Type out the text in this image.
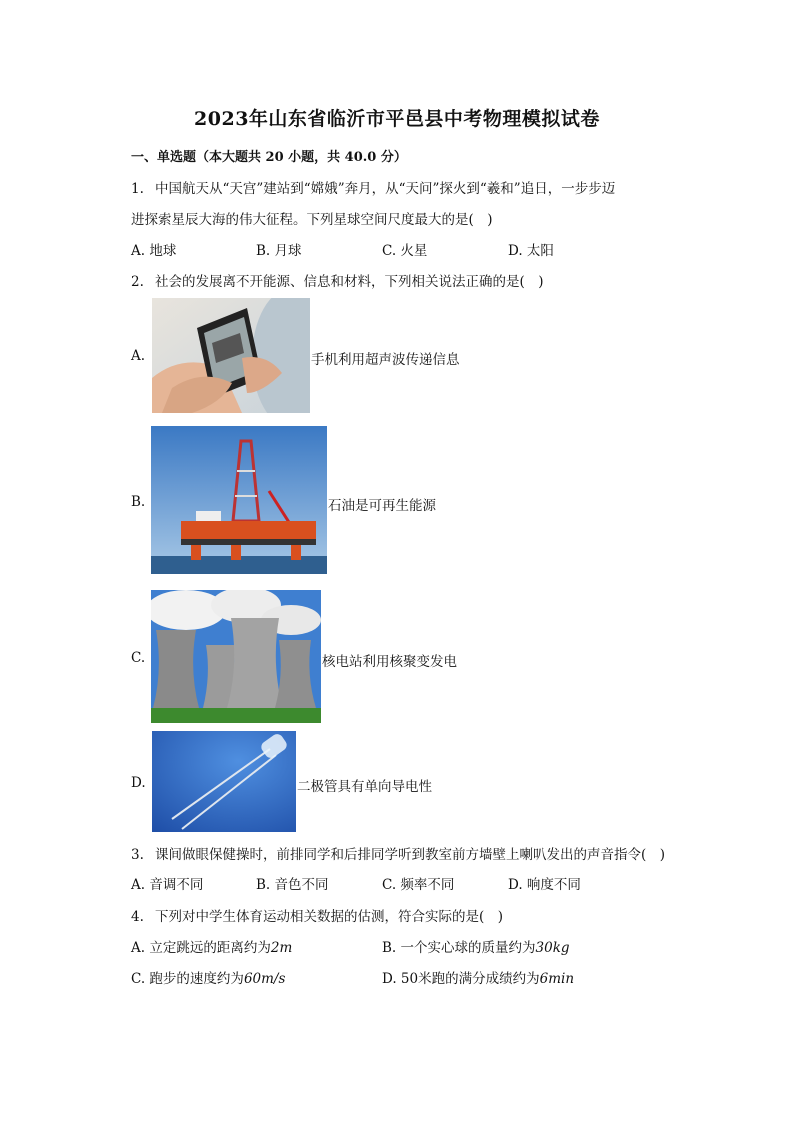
2023年山东省临沂市平邑县中考物理模拟试卷
一、单选题（本大题共 20 小题，共 40.0 分）
1. 中国航天从“天宫”建站到“嫦娥”奔月，从“天问”探火到“羲和”追日，一步步迈
进探索星辰大海的伟大征程。下列星球空间尺度最大的是(　)
A. 地球	B. 月球	C. 火星	D. 太阳
2. 社会的发展离不开能源、信息和材料，下列相关说法正确的是(　)
A.	手机利用超声波传递信息
B.	石油是可再生能源
C.	核电站利用核聚变发电
D.	二极管具有单向导电性
3. 课间做眼保健操时，前排同学和后排同学听到教室前方墙壁上喇叭发出的声音指令(　)
A. 音调不同	B. 音色不同	C. 频率不同	D. 响度不同
4. 下列对中学生体育运动相关数据的估测，符合实际的是(　)
A. 立定跳远的距离约为2m	B. 一个实心球的质量约为30kg
C. 跑步的速度约为60m/s	D. 50米跑的满分成绩约为6min
